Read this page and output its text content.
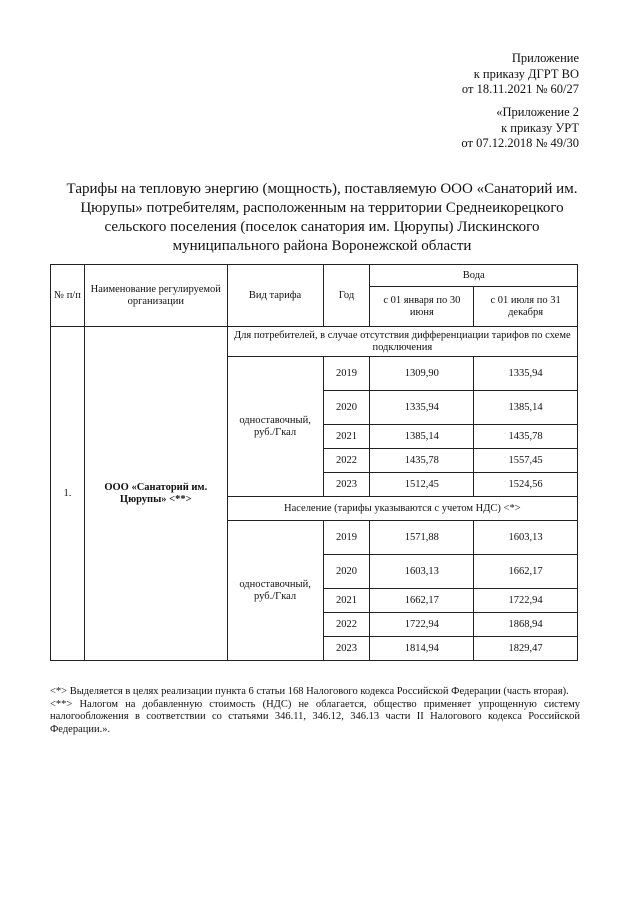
Приложение
к приказу ДГРТ ВО
от 18.11.2021 № 60/27
«Приложение 2
к приказу УРТ
от 07.12.2018 № 49/30
Тарифы на тепловую энергию (мощность), поставляемую ООО «Санаторий им. Цюрупы» потребителям, расположенным на территории Среднеикорецкого сельского поселения (поселок санатория им. Цюрупы) Лискинского муниципального района Воронежской области
№ п/п	Наименование регулируемой организации	Вид тарифа	Год	Вода	
				с 01 января по 30 июня	с 01 июля по 31 декабря
1.	ООО «Санаторий им. Цюрупы» <**>	Для потребителей, в случае отсутствия дифференциации тарифов по схеме подключения			
		одноставочный, руб./Гкал	2019	1309,90	1335,94
			2020	1335,94	1385,14
			2021	1385,14	1435,78
			2022	1435,78	1557,45
			2023	1512,45	1524,56
		Население (тарифы указываются с учетом НДС) <*>			
		одноставочный, руб./Гкал	2019	1571,88	1603,13
			2020	1603,13	1662,17
			2021	1662,17	1722,94
			2022	1722,94	1868,94
			2023	1814,94	1829,47

<*> Выделяется в целях реализации пункта 6 статьи 168 Налогового кодекса Российской Федерации (часть вторая).

<**> Налогом на добавленную стоимость (НДС) не облагается, общество применяет упрощенную систему налогообложения в соответствии со статьями 346.11, 346.12, 346.13 части II Налогового кодекса Российской Федерации.».
